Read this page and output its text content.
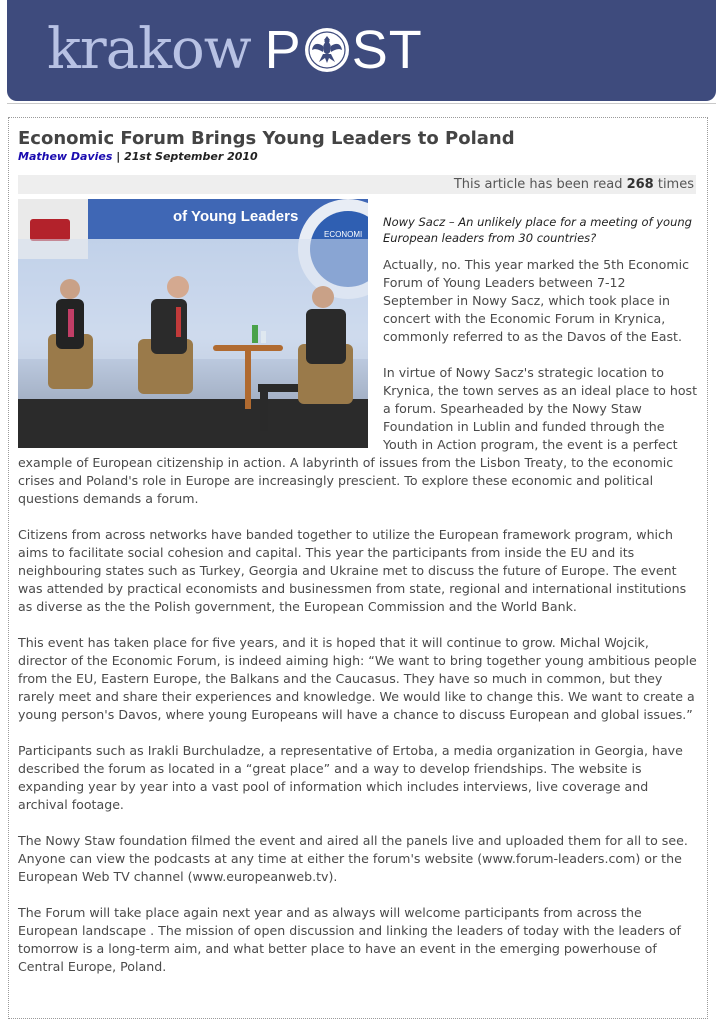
krakow P ST
Economic Forum Brings Young Leaders to Poland
Mathew Davies | 21st September 2010
This article has been read 268 times
of Young Leaders
ECONOMI

Nowy Sacz – An unlikely place for a meeting of young European leaders from 30 countries?

Actually, no. This year marked the 5th Economic Forum of Young Leaders between 7-12 September in Nowy Sacz, which took place in concert with the Economic Forum in Krynica, commonly referred to as the Davos of the East.

In virtue of Nowy Sacz's strategic location to Krynica, the town serves as an ideal place to host a forum. Spearheaded by the Nowy Staw Foundation in Lublin and funded through the Youth in Action program, the event is a perfect example of European citizenship in action. A labyrinth of issues from the Lisbon Treaty, to the economic crises and Poland's role in Europe are increasingly prescient. To explore these economic and political questions demands a forum.

Citizens from across networks have banded together to utilize the European framework program, which aims to facilitate social cohesion and capital. This year the participants from inside the EU and its neighbouring states such as Turkey, Georgia and Ukraine met to discuss the future of Europe. The event was attended by practical economists and businessmen from state, regional and international institutions as diverse as the the Polish government, the European Commission and the World Bank.

This event has taken place for five years, and it is hoped that it will continue to grow. Michal Wojcik, director of the Economic Forum, is indeed aiming high: “We want to bring together young ambitious people from the EU, Eastern Europe, the Balkans and the Caucasus. They have so much in common, but they rarely meet and share their experiences and knowledge. We would like to change this. We want to create a young person's Davos, where young Europeans will have a chance to discuss European and global issues.”

Participants such as Irakli Burchuladze, a representative of Ertoba, a media organization in Georgia, have described the forum as located in a “great place” and a way to develop friendships. The website is expanding year by year into a vast pool of information which includes interviews, live coverage and archival footage.

The Nowy Staw foundation filmed the event and aired all the panels live and uploaded them for all to see. Anyone can view the podcasts at any time at either the forum's website (www.forum-leaders.com) or the European Web TV channel (www.europeanweb.tv).

The Forum will take place again next year and as always will welcome participants from across the European landscape . The mission of open discussion and linking the leaders of today with the leaders of tomorrow is a long-term aim, and what better place to have an event in the emerging powerhouse of Central Europe, Poland.
